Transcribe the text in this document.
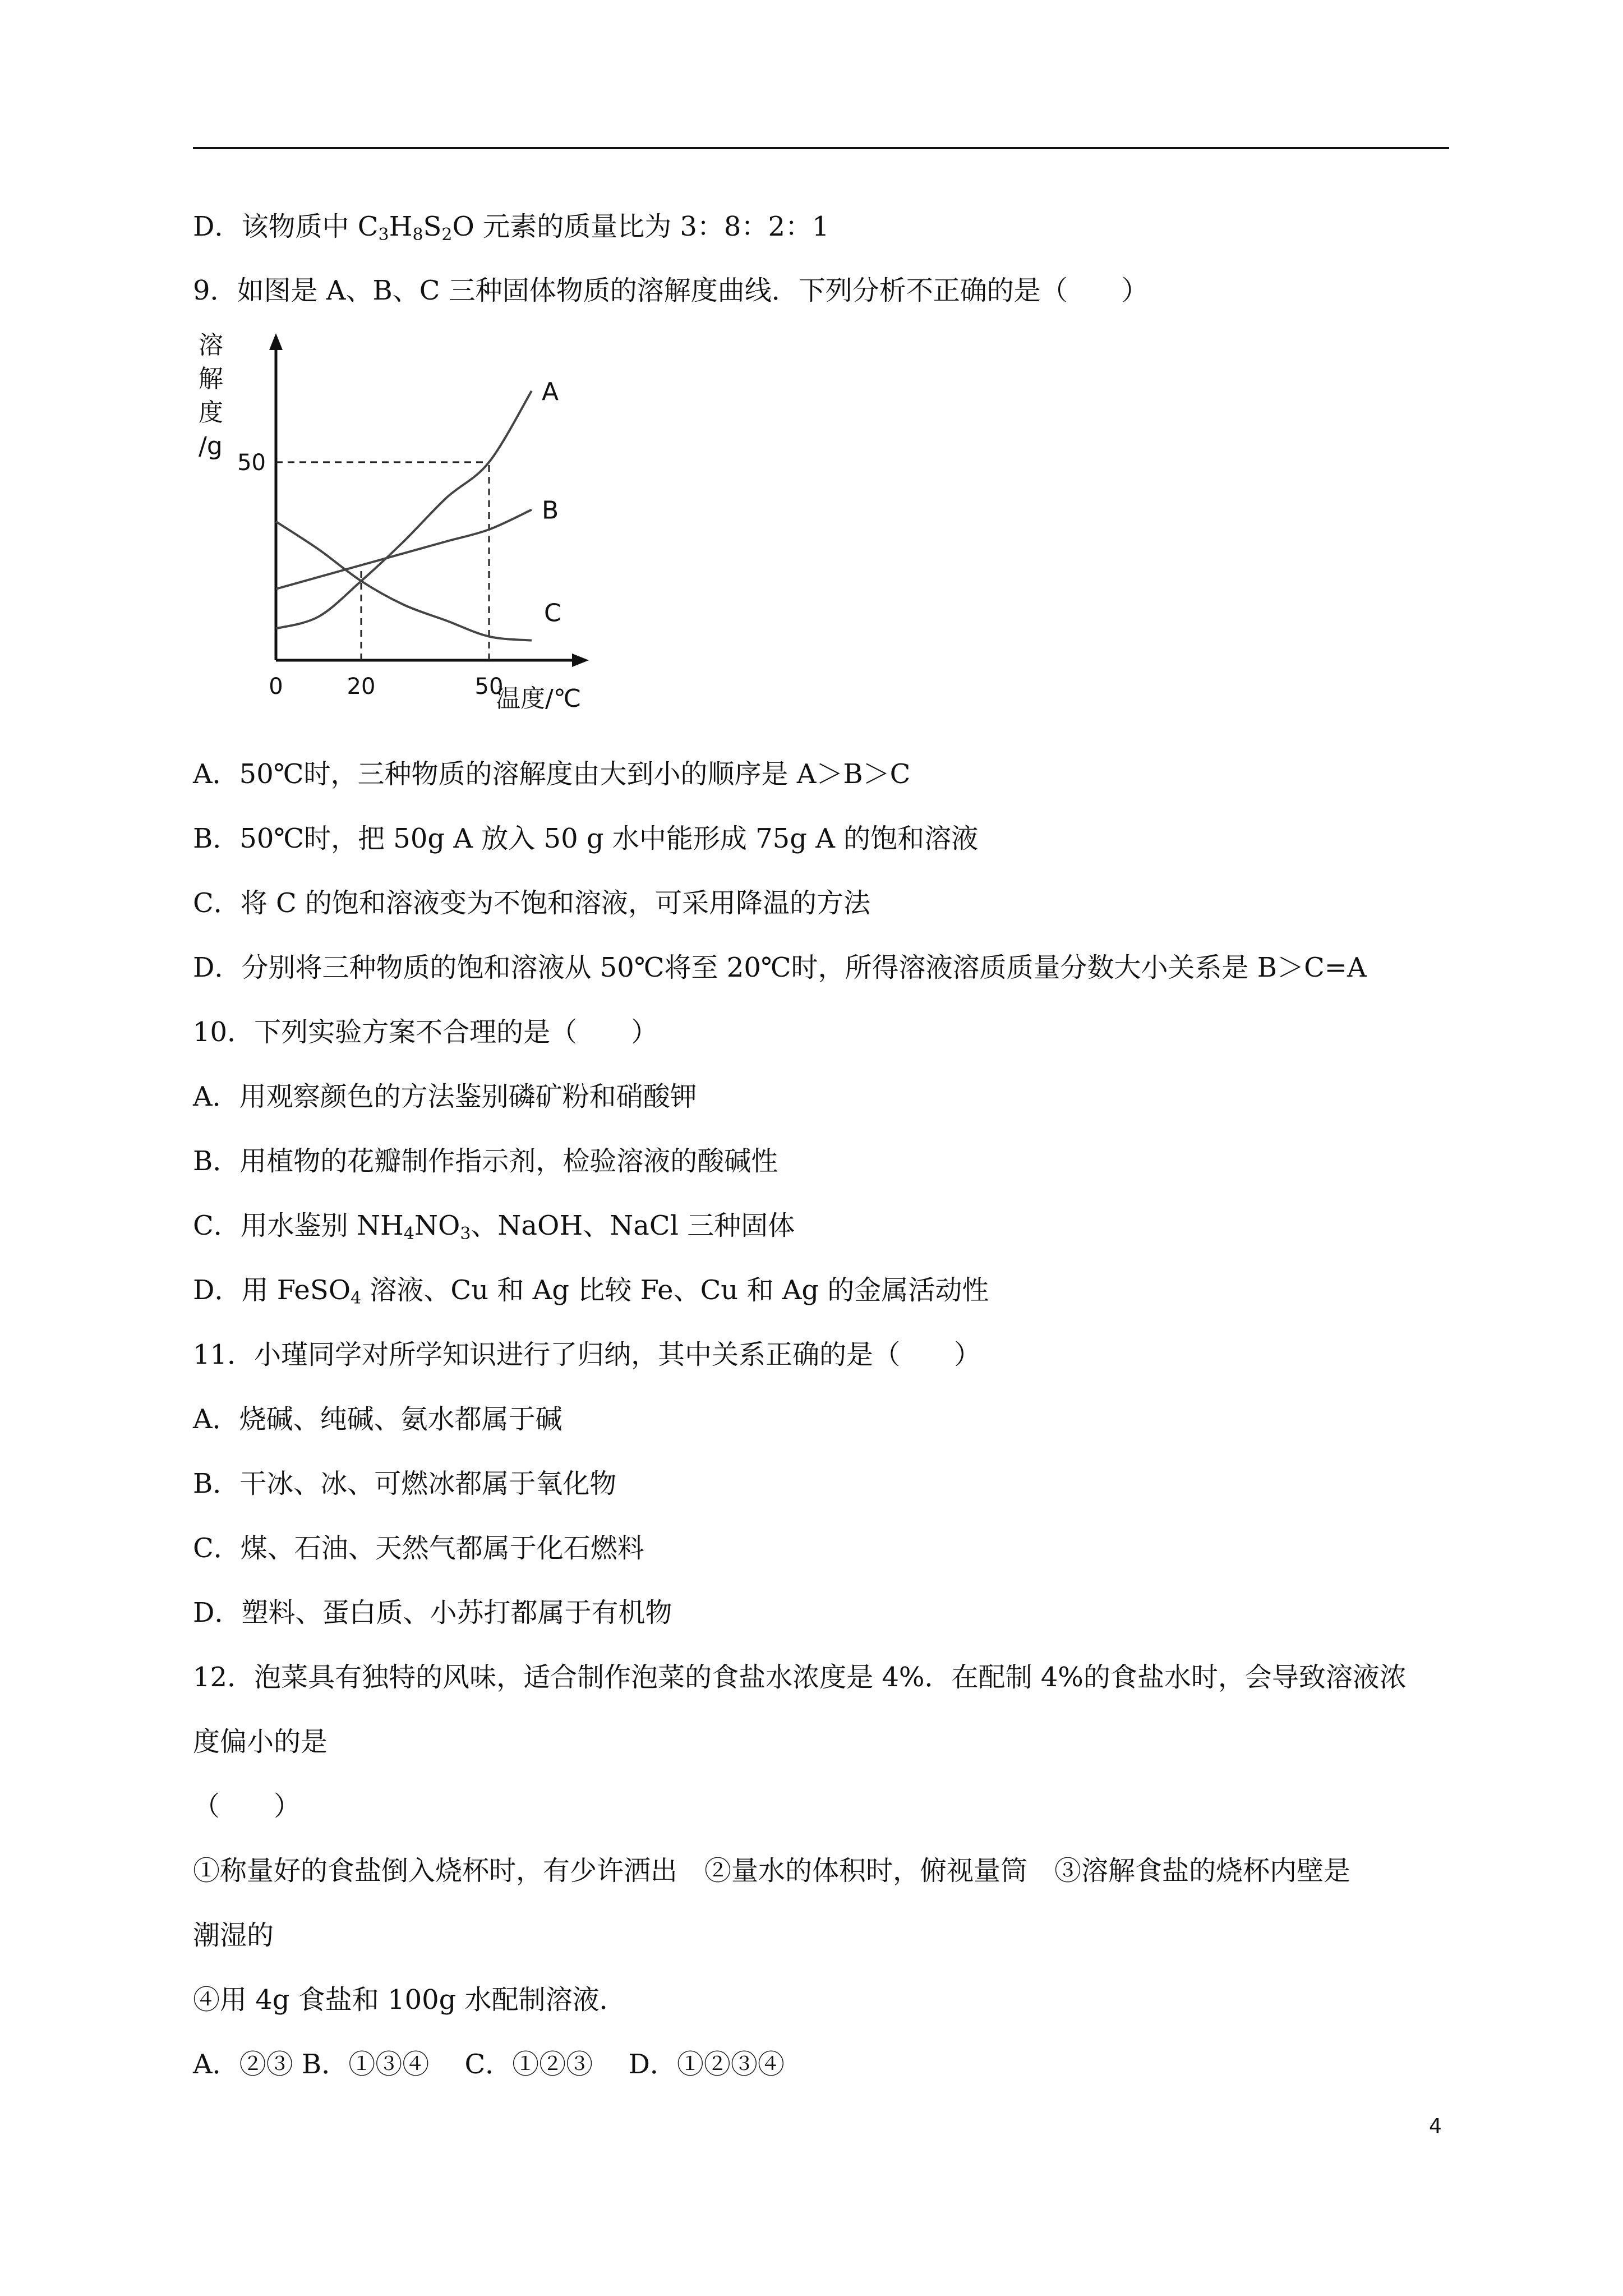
D．该物质中 $C_3H_8S_2O$ 元素的质量比为 3：8：2：1
9．如图是 A、B、C 三种固体物质的溶解度曲线．下列分析不正确的是（　　）
A
B
C
溶
解
度
/g
温度/℃
0	20	50
50
A．50℃时，三种物质的溶解度由大到小的顺序是 A＞B＞C
B．50℃时，把 50g A 放入 50 g 水中能形成 75g A 的饱和溶液
C．将 C 的饱和溶液变为不饱和溶液，可采用降温的方法
D．分别将三种物质的饱和溶液从 50℃将至 20℃时，所得溶液溶质质量分数大小关系是 B＞C=A
10．下列实验方案不合理的是（　　）
A．用观察颜色的方法鉴别磷矿粉和硝酸钾
B．用植物的花瓣制作指示剂，检验溶液的酸碱性
C．用水鉴别 $NH_4NO_3$、NaOH、NaCl 三种固体
D．用 FeSO$_4$ 溶液、Cu 和 Ag 比较 Fe、Cu 和 Ag 的金属活动性
11．小瑾同学对所学知识进行了归纳，其中关系正确的是（　　）
A．烧碱、纯碱、氨水都属于碱
B．干冰、冰、可燃冰都属于氧化物
C．煤、石油、天然气都属于化石燃料
D．塑料、蛋白质、小苏打都属于有机物
12．泡菜具有独特的风味，适合制作泡菜的食盐水浓度是 4%．在配制 4%的食盐水时，会导致溶液浓
度偏小的是
（　　）
①称量好的食盐倒入烧杯时，有少许洒出　②量水的体积时，俯视量筒　③溶解食盐的烧杯内壁是
潮湿的
④用 4g 食盐和 100g 水配制溶液．
A．②③ B．①③④　 C．①②③　 D．①②③④
4
